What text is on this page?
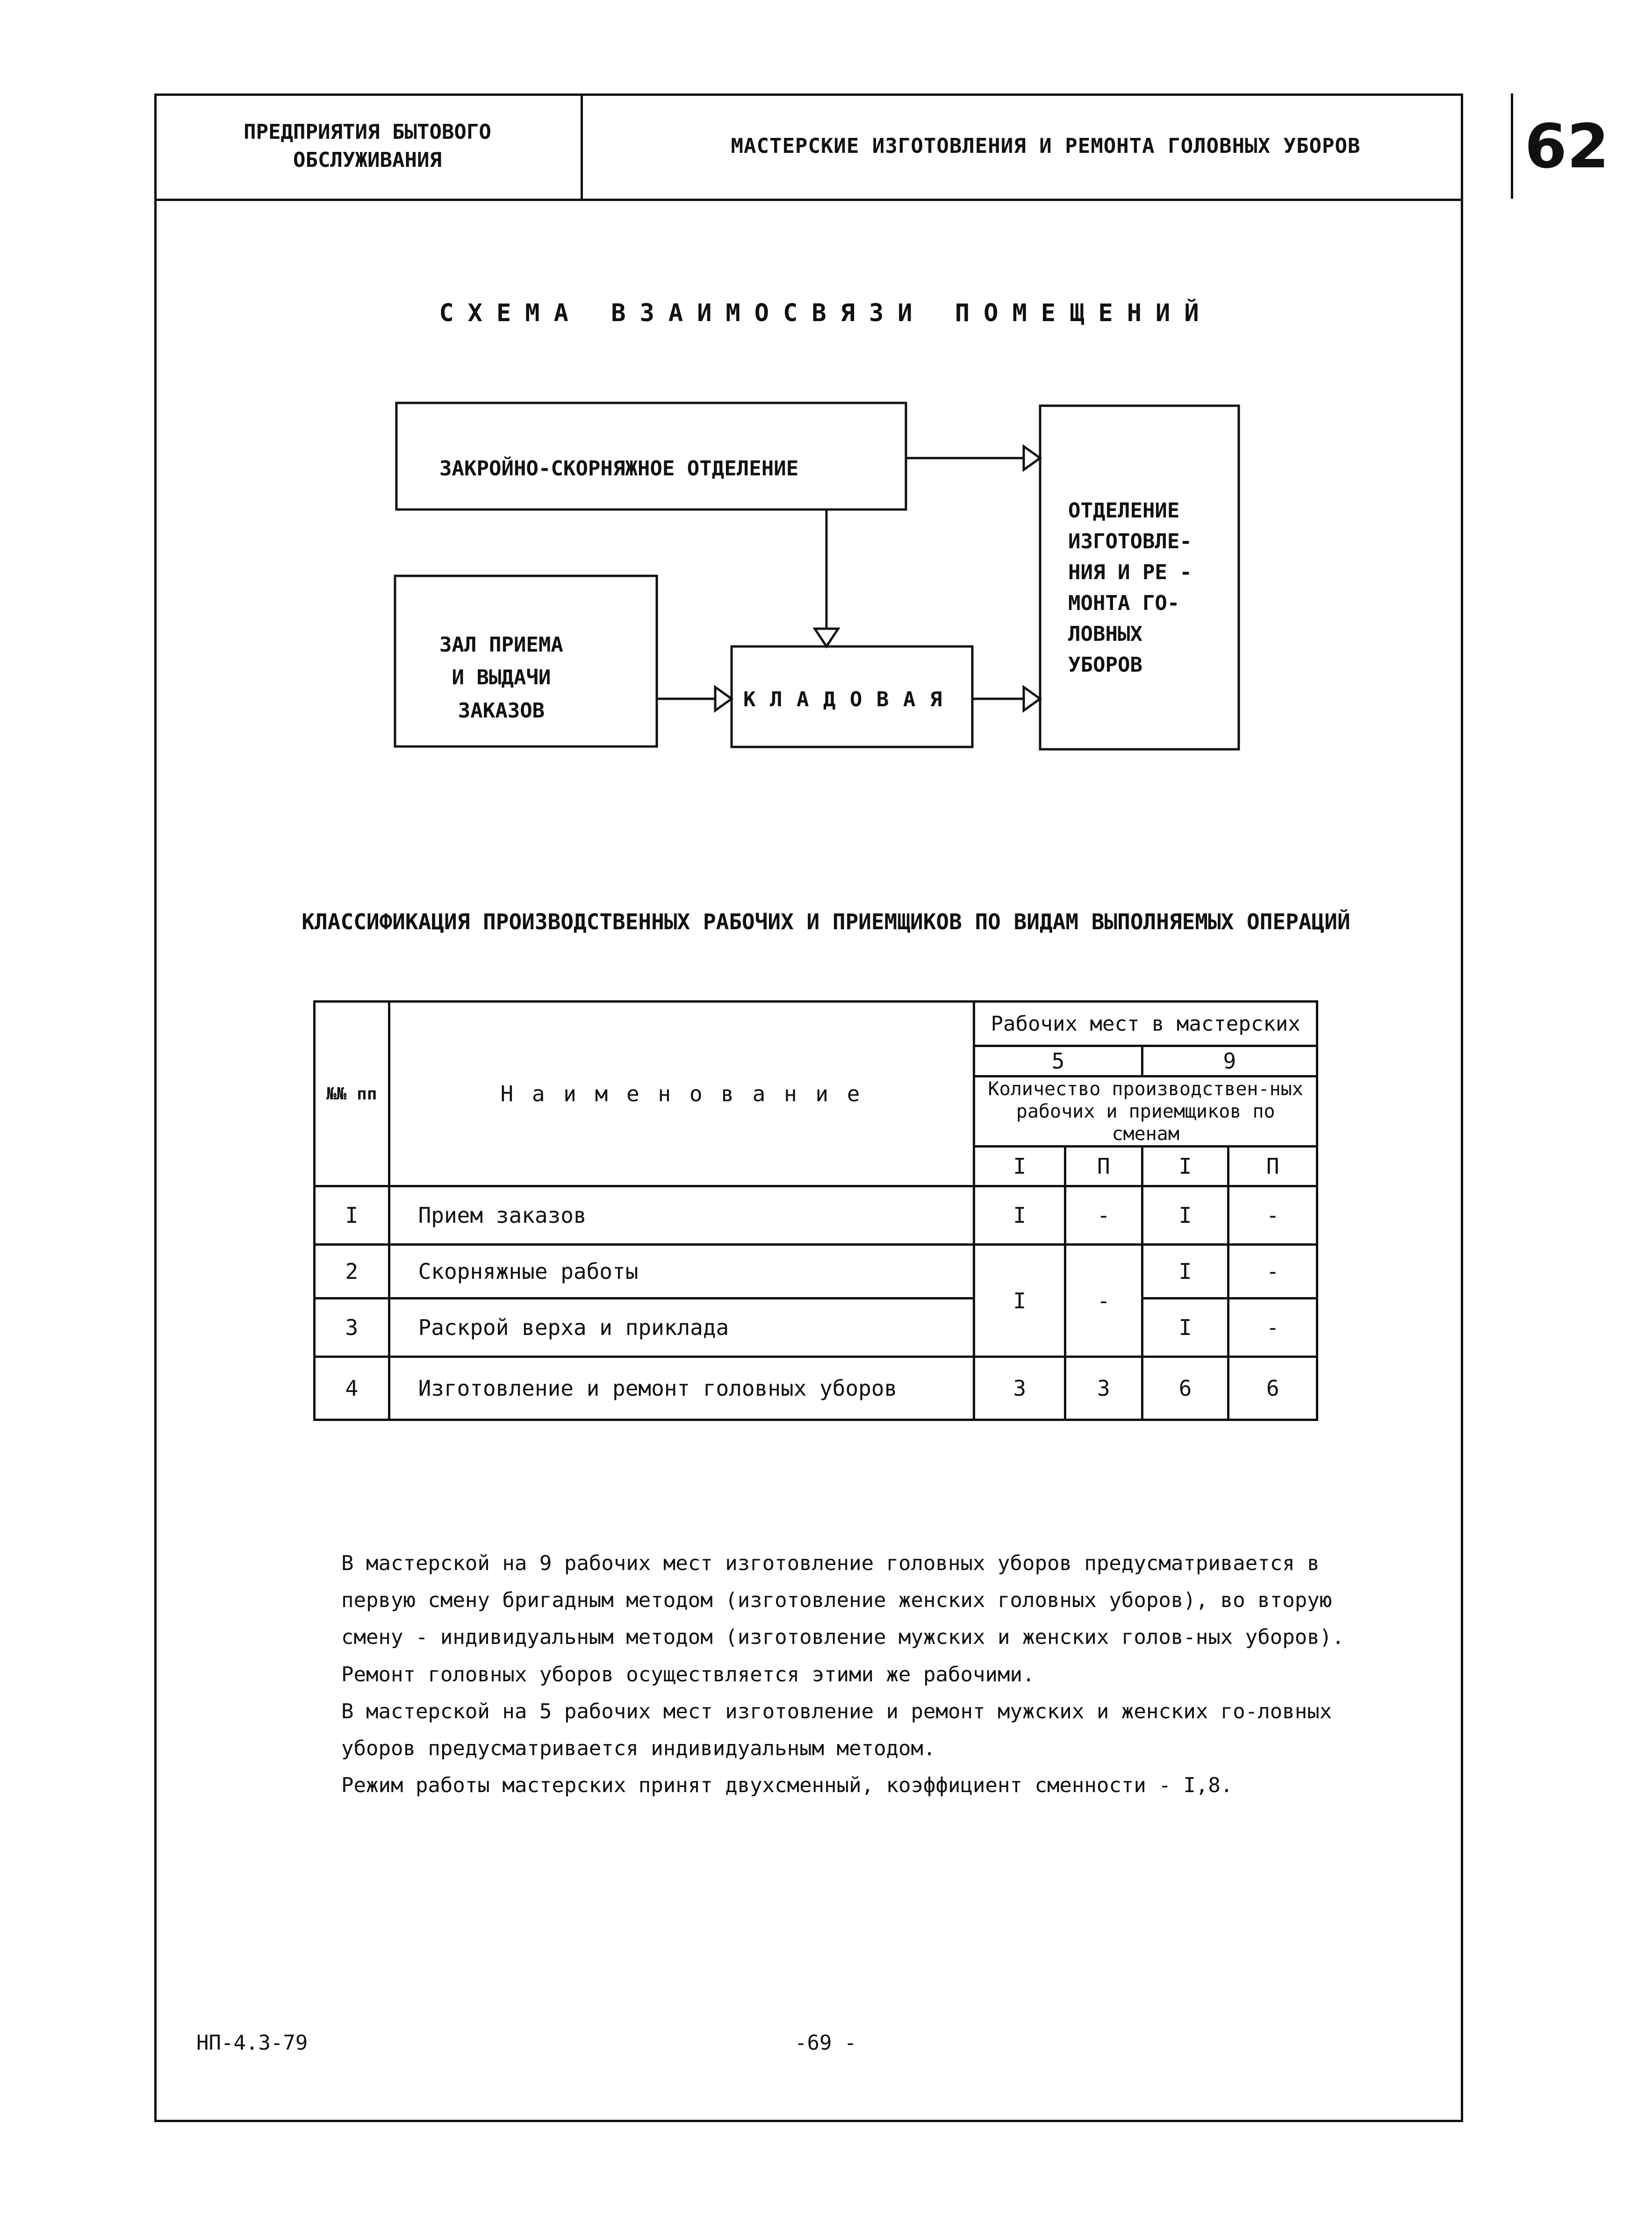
ПРЕДПРИЯТИЯ БЫТОВОГО
ОБСЛУЖИВАНИЯ
МАСТЕРСКИЕ ИЗГОТОВЛЕНИЯ И РЕМОНТА ГОЛОВНЫХ УБОРОВ	62
СХЕМА ВЗАИМОСВЯЗИ ПОМЕЩЕНИЙ
ЗАКРОЙНО-СКОРНЯЖНОЕ ОТДЕЛЕНИЕ
ЗАЛ ПРИЕМА
И ВЫДАЧИ
ЗАКАЗОВ	К Л А Д О В А Я
ОТДЕЛЕНИЕ
ИЗГОТОВЛЕ-
НИЯ И РЕ -
МОНТА ГО-
ЛОВНЫХ
УБОРОВ
КЛАССИФИКАЦИЯ ПРОИЗВОДСТВЕННЫХ РАБОЧИХ И ПРИЕМЩИКОВ ПО ВИДАМ ВЫПОЛНЯЕМЫХ ОПЕРАЦИЙ
№№ пп	Н а и м е н о в а н и е	Рабочих мест в мастерских			
		5		9	
		Количество производствен-ных рабочих и приемщиков по сменам			
		I	П	I	П
I	Прием заказов	I	-	I	-
2	Скорняжные работы	I	-	I	-
3	Раскрой верха и приклада			I	-
4	Изготовление и ремонт головных уборов	3	3	6	6

В мастерской на 9 рабочих мест изготовление головных уборов предусматривается в первую смену бригадным методом (изготовление женских головных уборов), во вторую смену - индивидуальным методом (изготовление мужских и женских голов-ных уборов). Ремонт головных уборов осуществляется этими же рабочими.

В мастерской на 5 рабочих мест изготовление и ремонт мужских и женских го-ловных уборов предусматривается индивидуальным методом.

Режим работы мастерских принят двухсменный, коэффициент сменности - I,8.

НП-4.3-79	-69 -
